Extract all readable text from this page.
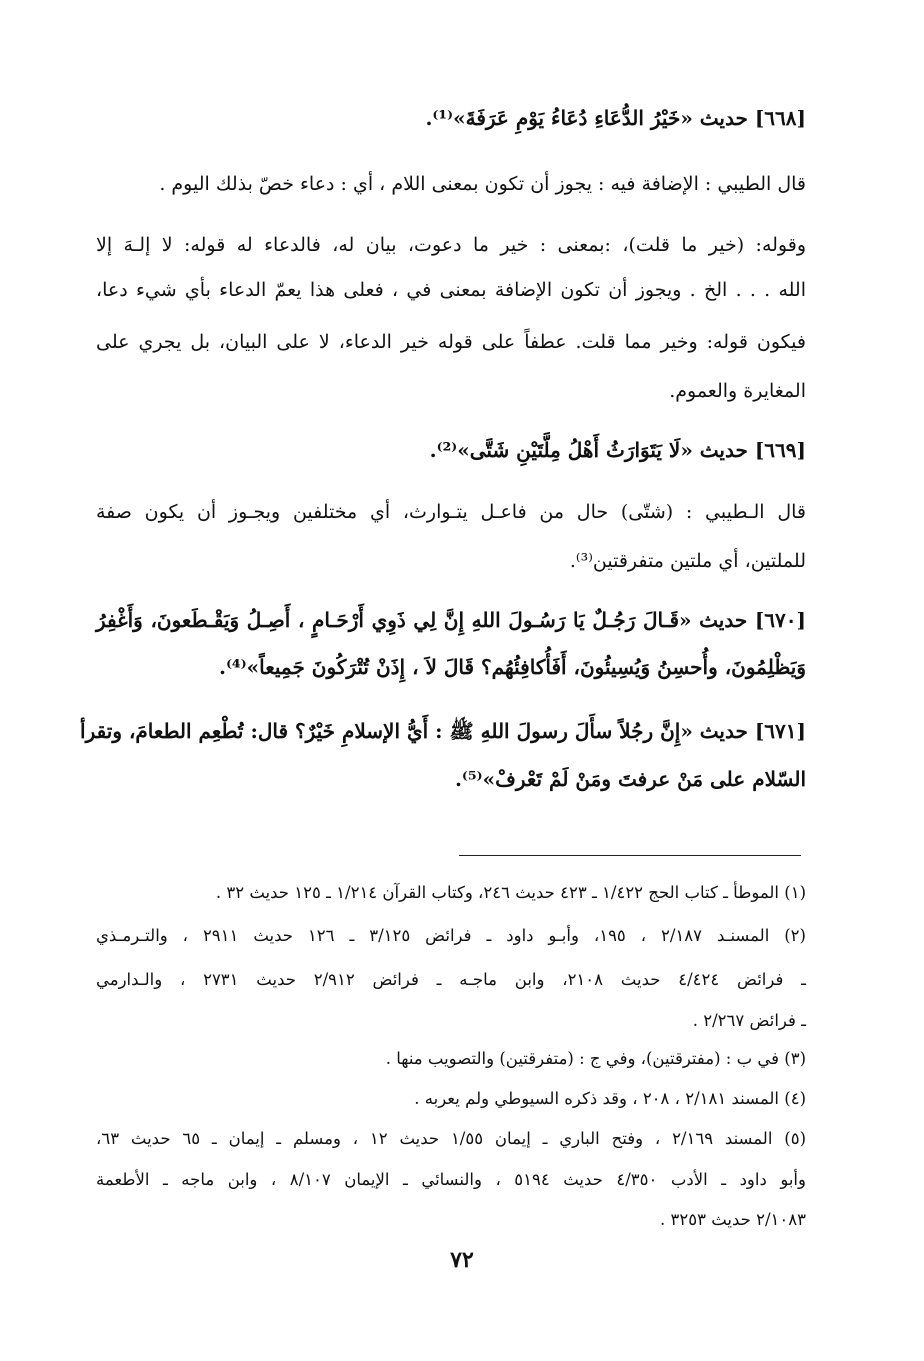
[٦٦٨] حديث «خَيْرُ الدُّعَاءِ دُعَاءُ يَوْمِ عَرَفَةَ»⁽¹⁾.
قال الطيبي : الإضافة فيه : يجوز أن تكون بمعنى اللام ، أي : دعاء خصّ بذلك اليوم .
وقوله: (خير ما قلت)، :بمعنى : خير ما دعوت، بيان له، فالدعاء له قوله: لا إلـهَ إلا
الله . . . الخ . ويجوز أن تكون الإضافة بمعنى في ، فعلى هذا يعمّ الدعاء بأي شيء دعا،
فيكون قوله: وخير مما قلت. عطفاً على قوله خير الدعاء، لا على البيان، بل يجري على
المغايرة والعموم.
[٦٦٩] حديث «لَا يَتَوَارَثُ أَهْلُ مِلَّتَيْنِ شَتَّى»⁽²⁾.
قال الـطيبي : (شتّى) حال من فاعـل يتـوارث، أي مختلفين ويجـوز أن يكون صفة
للملتين، أي ملتين متفرقتين⁽³⁾.
[٦٧٠] حديث «قَـالَ رَجُـلٌ يَا رَسُـولَ اللهِ إِنَّ لِي ذَوِي أَرْحَـامٍ ، أَصِـلُ وَيَقْـطَعونَ، وَأَغْفِرُ
وَيَظْلِمُونَ، وأُحسِنُ وَيُسِيئُونَ، أَفَأُكافِئُهُم؟ قَالَ لاَ ، إِذَنْ تُتْرَكُونَ جَمِيعاً»⁽⁴⁾.
[٦٧١] حديث «إِنَّ رجُلاً سأَلَ رسولَ اللهِ ﷺ : أَيُّ الإسلامِ خَيْرٌ؟ قال: تُطْعِم الطعامَ، وتقرأ
السّلام على مَنْ عرفتَ ومَنْ لَمْ تَعْرفْ»⁽⁵⁾.
(١) الموطأ ـ كتاب الحج ١/٤٢٢ ـ ٤٢٣ حديث ٢٤٦، وكتاب القرآن ١/٢١٤ ـ ١٢٥ حديث ٣٢ .
(٢) المسنـد ٢/١٨٧ ، ١٩٥، وأبـو داود ـ فرائض ٣/١٢٥ ـ ١٢٦ حديث ٢٩١١ ، والتـرمـذي
ـ فرائض ٤/٤٢٤ حديث ٢١٠٨، وابن ماجـه ـ فرائض ٢/٩١٢ حديث ٢٧٣١ ، والـدارمي
ـ فرائض ٢/٢٦٧ .
(٣) في ب : (مفترقتين)، وفي ج : (متفرقتين) والتصويب منها .
(٤) المسند ٢/١٨١ ، ٢٠٨ ، وقد ذكره السيوطي ولم يعربه .
(٥) المسند ٢/١٦٩ ، وفتح الباري ـ إيمان ١/٥٥ حديث ١٢ ، ومسلم ـ إيمان ـ ٦٥ حديث ٦٣،
وأبو داود ـ الأدب ٤/٣٥٠ حديث ٥١٩٤ ، والنسائي ـ الإيمان ٨/١٠٧ ، وابن ماجه ـ الأطعمة
٢/١٠٨٣ حديث ٣٢٥٣ .
٧٢
